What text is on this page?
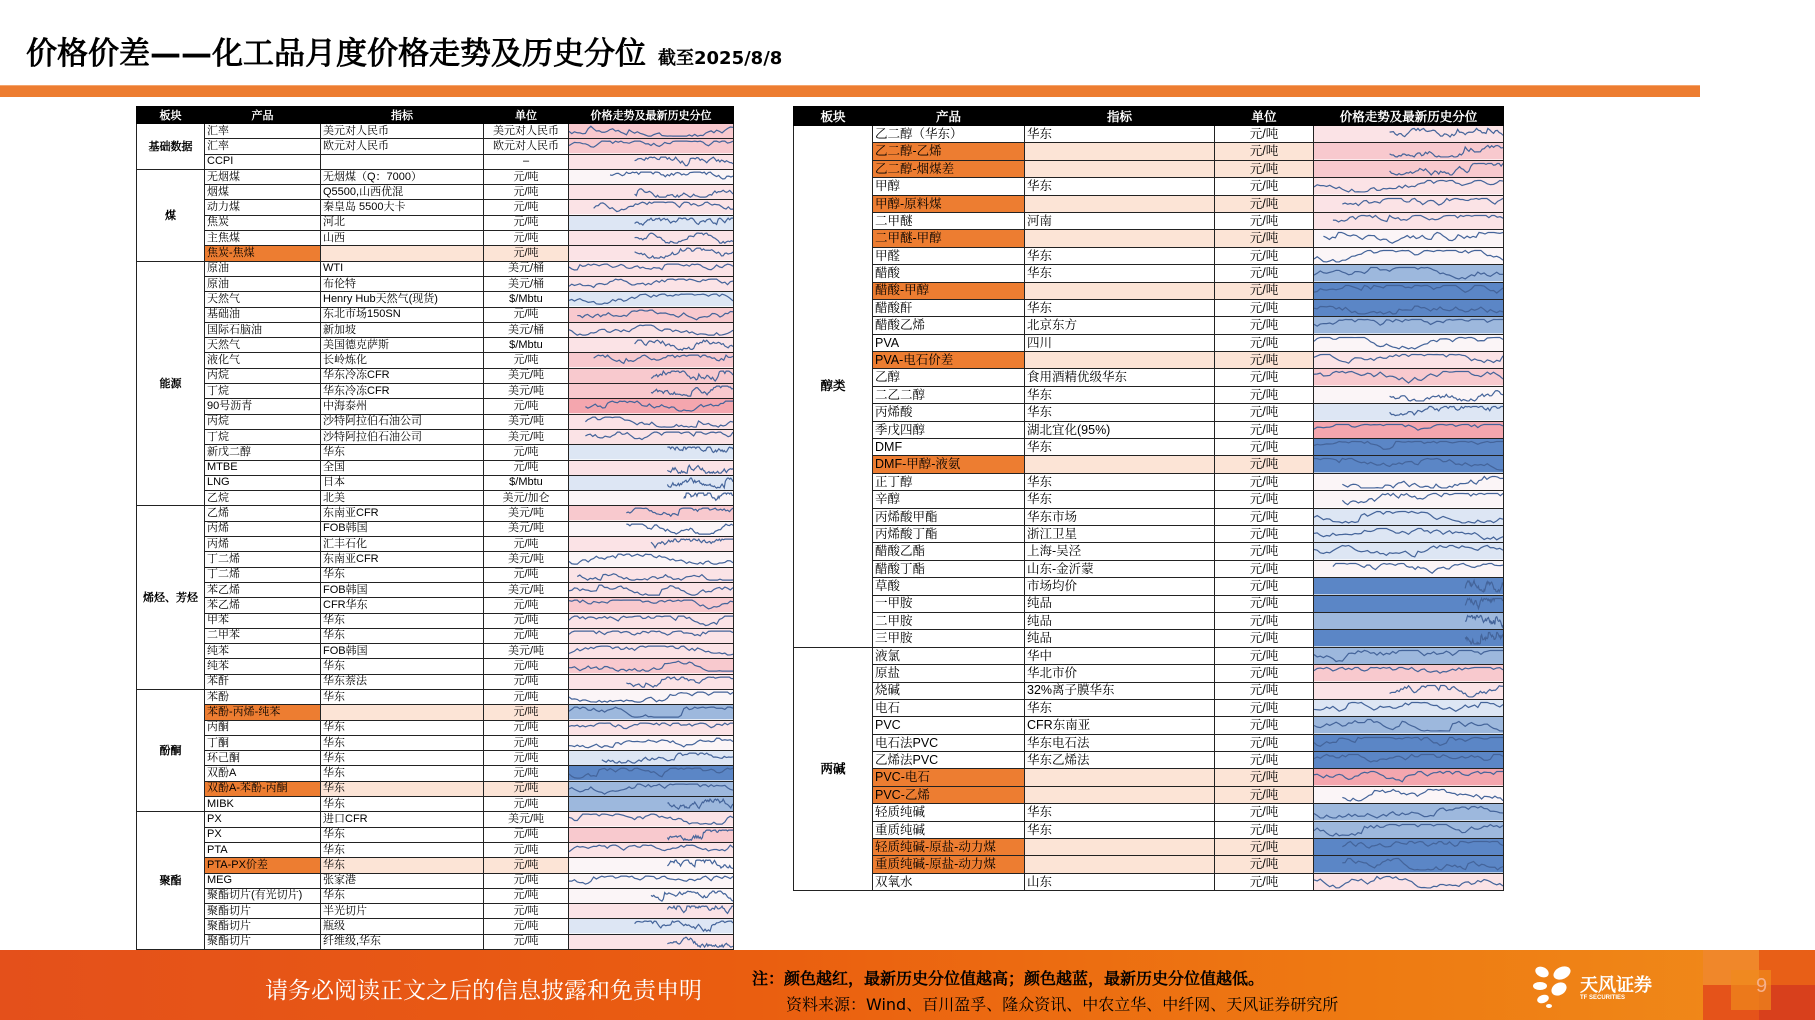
价格价差——化工品月度价格走势及历史分位 截至2025/8/8
板块	产品	指标	单位	价格走势及最新历史分位
基础数据	汇率	美元对人民币	美元对人民币	

	汇率	欧元对人民币	欧元对人民币	

	CCPI		–	

煤	无烟煤	无烟煤（Q：7000）	元/吨	

	烟煤	Q5500,山西优混	元/吨	

	动力煤	秦皇岛 5500大卡	元/吨	

	焦炭	河北	元/吨	

	主焦煤	山西	元/吨	

	焦炭-焦煤		元/吨	

能源	原油	WTI	美元/桶	

	原油	布伦特	美元/桶	

	天然气	Henry Hub天然气(现货)	$/Mbtu	

	基础油	东北市场150SN	元/吨	

	国际石脑油	新加坡	美元/桶	

	天然气	美国德克萨斯	$/Mbtu	

	液化气	长岭炼化	元/吨	

	丙烷	华东冷冻CFR	美元/吨	

	丁烷	华东冷冻CFR	美元/吨	

	90号沥青	中海泰州	元/吨	

	丙烷	沙特阿拉伯石油公司	美元/吨	

	丁烷	沙特阿拉伯石油公司	美元/吨	

	新戊二醇	华东	元/吨	

	MTBE	全国	元/吨	

	LNG	日本	$/Mbtu	

	乙烷	北美	美元/加仑	

烯烃、芳烃	乙烯	东南亚CFR	美元/吨	

	丙烯	FOB韩国	美元/吨	

	丙烯	汇丰石化	元/吨	

	丁二烯	东南亚CFR	美元/吨	

	丁二烯	华东	元/吨	

	苯乙烯	FOB韩国	美元/吨	

	苯乙烯	CFR华东	元/吨	

	甲苯	华东	元/吨	

	二甲苯	华东	元/吨	

	纯苯	FOB韩国	美元/吨	

	纯苯	华东	元/吨	

	苯酐	华东萘法	元/吨	

酚酮	苯酚	华东	元/吨	

	苯酚-丙烯-纯苯		元/吨	

	丙酮	华东	元/吨	

	丁酮	华东	元/吨	

	环己酮	华东	元/吨	

	双酚A	华东	元/吨	

	双酚A-苯酚-丙酮	华东	元/吨	

	MIBK	华东	元/吨	

聚酯	PX	进口CFR	美元/吨	

	PX	华东	元/吨	

	PTA	华东	元/吨	

	PTA-PX价差	华东	元/吨	

	MEG	张家港	元/吨	

	聚酯切片(有光切片)	华东	元/吨	

	聚酯切片	半光切片	元/吨	

	聚酯切片	瓶级	元/吨	

	聚酯切片	纤维级,华东	元/吨	
板块	产品	指标	单位	价格走势及最新历史分位
醇类	乙二醇（华东）	华东	元/吨	

	乙二醇-乙烯		元/吨	

	乙二醇-烟煤差		元/吨	

	甲醇	华东	元/吨	

	甲醇-原料煤		元/吨	

	二甲醚	河南	元/吨	

	二甲醚-甲醇		元/吨	

	甲醛	华东	元/吨	

	醋酸	华东	元/吨	

	醋酸-甲醇		元/吨	

	醋酸酐	华东	元/吨	

	醋酸乙烯	北京东方	元/吨	

	PVA	四川	元/吨	

	PVA-电石价差		元/吨	

	乙醇	食用酒精优级华东	元/吨	

	二乙二醇	华东	元/吨	

	丙烯酸	华东	元/吨	

	季戊四醇	湖北宜化(95%)	元/吨	

	DMF	华东	元/吨	

	DMF-甲醇-液氨		元/吨	

	正丁醇	华东	元/吨	

	辛醇	华东	元/吨	

	丙烯酸甲酯	华东市场	元/吨	

	丙烯酸丁酯	浙江卫星	元/吨	

	醋酸乙酯	上海-吴泾	元/吨	

	醋酸丁酯	山东-金沂蒙	元/吨	

	草酸	市场均价	元/吨	

	一甲胺	纯品	元/吨	

	二甲胺	纯品	元/吨	

	三甲胺	纯品	元/吨	

两碱	液氯	华中	元/吨	

	原盐	华北市价	元/吨	

	烧碱	32%离子膜华东	元/吨	

	电石	华东	元/吨	

	PVC	CFR东南亚	元/吨	

	电石法PVC	华东电石法	元/吨	

	乙烯法PVC	华东乙烯法	元/吨	

	PVC-电石		元/吨	

	PVC-乙烯		元/吨	

	轻质纯碱	华东	元/吨	

	重质纯碱	华东	元/吨	

	轻质纯碱-原盐-动力煤		元/吨	

	重质纯碱-原盐-动力煤		元/吨	

	双氧水	山东	元/吨	
请务必阅读正文之后的信息披露和免责申明	注：颜色越红，最新历史分位值越高；颜色越蓝，最新历史分位值越低。
资料来源：Wind、百川盈孚、隆众资讯、中农立华、中纤网、天风证券研究所
天风证券
TF SECURITIES
9
